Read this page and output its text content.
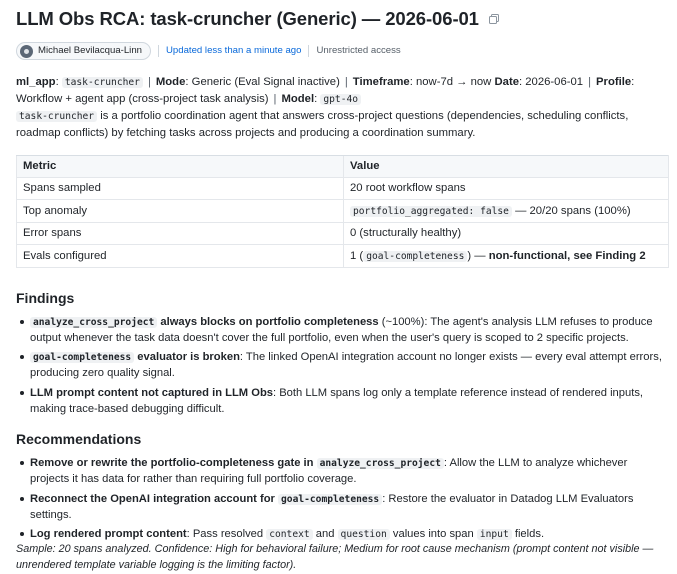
LLM Obs RCA: task-cruncher (Generic) — 2026-06-01
Michael Bevilacqua-Linn	Updated less than a minute ago Unrestricted access
ml_app: task-cruncher | Mode: Generic (Eval Signal inactive) | Timeframe: now-7d → now Date: 2026-06-01 | Profile: Workflow + agent app (cross-project task analysis) | Model: gpt-4o
task-cruncher is a portfolio coordination agent that answers cross-project questions (dependencies, scheduling conflicts, roadmap conflicts) by fetching tasks across projects and producing a coordination summary.
Metric	Value
Spans sampled	20 root workflow spans
Top anomaly	portfolio_aggregated: false — 20/20 spans (100%)
Error spans	0 (structurally healthy)
Evals configured	1 ( goal-completeness ) — non-functional, see Finding 2
Findings
analyze_cross_project always blocks on portfolio completeness (~100%): The agent's analysis LLM refuses to produce output whenever the task data doesn't cover the full portfolio, even when the user's query is scoped to 2 specific projects.
goal-completeness evaluator is broken: The linked OpenAI integration account no longer exists — every eval attempt errors, producing zero quality signal.
LLM prompt content not captured in LLM Obs: Both LLM spans log only a template reference instead of rendered inputs, making trace-based debugging difficult.
Recommendations
Remove or rewrite the portfolio-completeness gate in analyze_cross_project : Allow the LLM to analyze whichever projects it has data for rather than requiring full portfolio coverage.
Reconnect the OpenAI integration account for goal-completeness : Restore the evaluator in Datadog LLM Evaluators settings.
Log rendered prompt content: Pass resolved context and question values into span input fields.

Sample: 20 spans analyzed. Confidence: High for behavioral failure; Medium for root cause mechanism (prompt content not visible — unrendered template variable logging is the limiting factor).
